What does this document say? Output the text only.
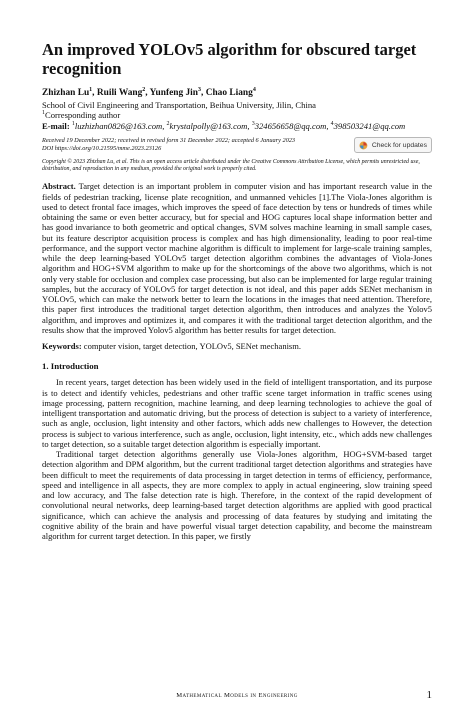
An improved YOLOv5 algorithm for obscured target recognition
Zhizhan Lu$^1$, Ruili Wang$^2$, Yunfeng Jin$^3$, Chao Liang$^4$
School of Civil Engineering and Transportation, Beihua University, Jilin, China
$^1$Corresponding author
E-mail: $^1$luzhizhan0826@163.com, $^2$krystalpolly@163.com, $^3$324656658@qq.com, $^4$398503241@qq.com
Received 19 December 2022; received in revised form 31 December 2022; accepted 6 January 2023
DOI https://doi.org/10.21595/mme.2023.23126	Check for updates
Copyright © 2023 Zhizhan Lu, et al. This is an open access article distributed under the Creative Commons Attribution License, which permits unrestricted use, distribution, and reproduction in any medium, provided the original work is properly cited.
Abstract. Target detection is an important problem in computer vision and has important research value in the fields of pedestrian tracking, license plate recognition, and unmanned vehicles [1].The Viola-Jones algorithm is used to detect frontal face images, which improves the speed of face detection by tens or hundreds of times while obtaining the same or even better accuracy, but for special and HOG captures local shape information better and has good invariance to both geometric and optical changes, SVM solves machine learning in small sample cases, but its feature descriptor acquisition process is complex and has high dimensionality, leading to poor real-time performance, and the support vector machine algorithm is difficult to implement for large-scale training samples, while the deep learning-based YOLOv5 target detection algorithm combines the advantages of Viola-Jones algorithm and HOG+SVM algorithm to make up for the shortcomings of the above two algorithms, which is not only very stable for occlusion and complex case processing, but also can be implemented for large regular training samples, but the accuracy of YOLOv5 for target detection is not ideal, and this paper adds SENet mechanism in YOLOv5, which can make the network better to learn the locations in the images that need attention. Therefore, this paper first introduces the traditional target detection algorithm, then introduces and analyzes the Yolov5 algorithm, and improves and optimizes it, and compares it with the traditional target detection algorithm, and the results show that the improved Yolov5 algorithm has better results for target detection.
Keywords: computer vision, target detection, YOLOv5, SENet mechanism.
1. Introduction

In recent years, target detection has been widely used in the field of intelligent transportation, and its purpose is to detect and identify vehicles, pedestrians and other traffic scene target information in traffic scenes using image processing, pattern recognition, machine learning, and deep learning technologies to achieve the goal of intelligent transportation and automatic driving, but the process of detection is subject to a variety of interference, such as angle, occlusion, light intensity and other factors, which adds new challenges to However, the detection process is subject to various interference, such as angle, occlusion, light intensity, etc., which adds new challenges to target detection, so a suitable target detection algorithm is especially important.

Traditional target detection algorithms generally use Viola-Jones algorithm, HOG+SVM-based target detection algorithm and DPM algorithm, but the current traditional target detection algorithms and strategies have been difficult to meet the requirements of data processing in target detection in terms of efficiency, performance, speed and intelligence in all aspects, they are more complex to apply in actual engineering, slow training speed and low accuracy, and The false detection rate is high. Therefore, in the context of the rapid development of convolutional neural networks, deep learning-based target detection algorithms are applied with good practical significance, which can achieve the analysis and processing of data features by studying and imitating the cognitive ability of the brain and have powerful visual target detection capability, and become the mainstream algorithm for current target detection. In this paper, we firstly

Mathematical Models in Engineering	1
